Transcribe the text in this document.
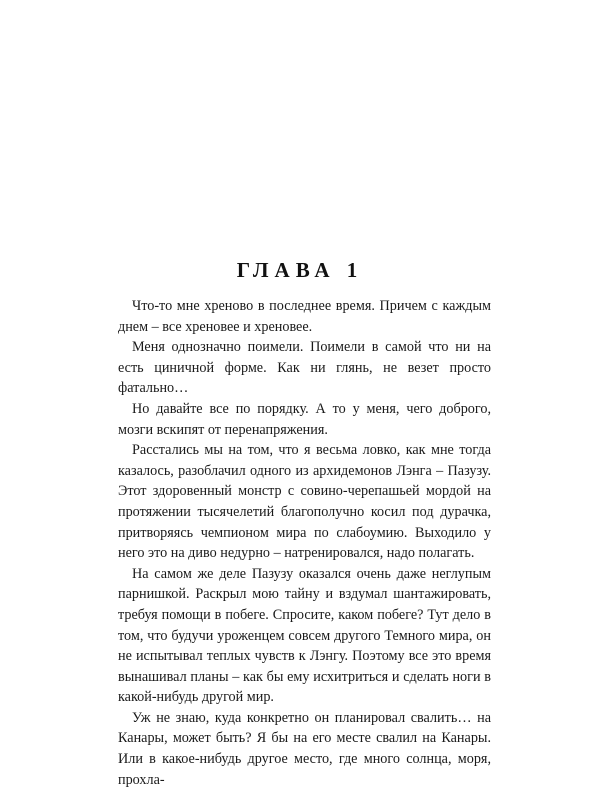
ГЛАВА 1

Что-то мне хреново в последнее время. Причем с каждым днем – все хреновее и хреновее.

Меня однозначно поимели. Поимели в самой что ни на есть циничной форме. Как ни глянь, не везет просто фатально…

Но давайте все по порядку. А то у меня, чего доброго, мозги вскипят от перенапряжения.

Расстались мы на том, что я весьма ловко, как мне тогда казалось, разоблачил одного из архидемонов Лэнга – Пазузу. Этот здоровенный монстр с совино-черепашьей мордой на протяжении тысячелетий благополучно косил под дурачка, притворяясь чемпионом мира по слабоумию. Выходило у него это на диво недурно – натренировался, надо полагать.

На самом же деле Пазузу оказался очень даже неглупым парнишкой. Раскрыл мою тайну и вздумал шантажировать, требуя помощи в побеге. Спросите, каком побеге? Тут дело в том, что будучи уроженцем совсем другого Темного мира, он не испытывал теплых чувств к Лэнгу. Поэтому все это время вынашивал планы – как бы ему исхитриться и сделать ноги в какой-нибудь другой мир.

Уж не знаю, куда конкретно он планировал свалить… на Канары, может быть? Я бы на его месте свалил на Канары. Или в какое-нибудь другое место, где много солнца, моря, прохла-
